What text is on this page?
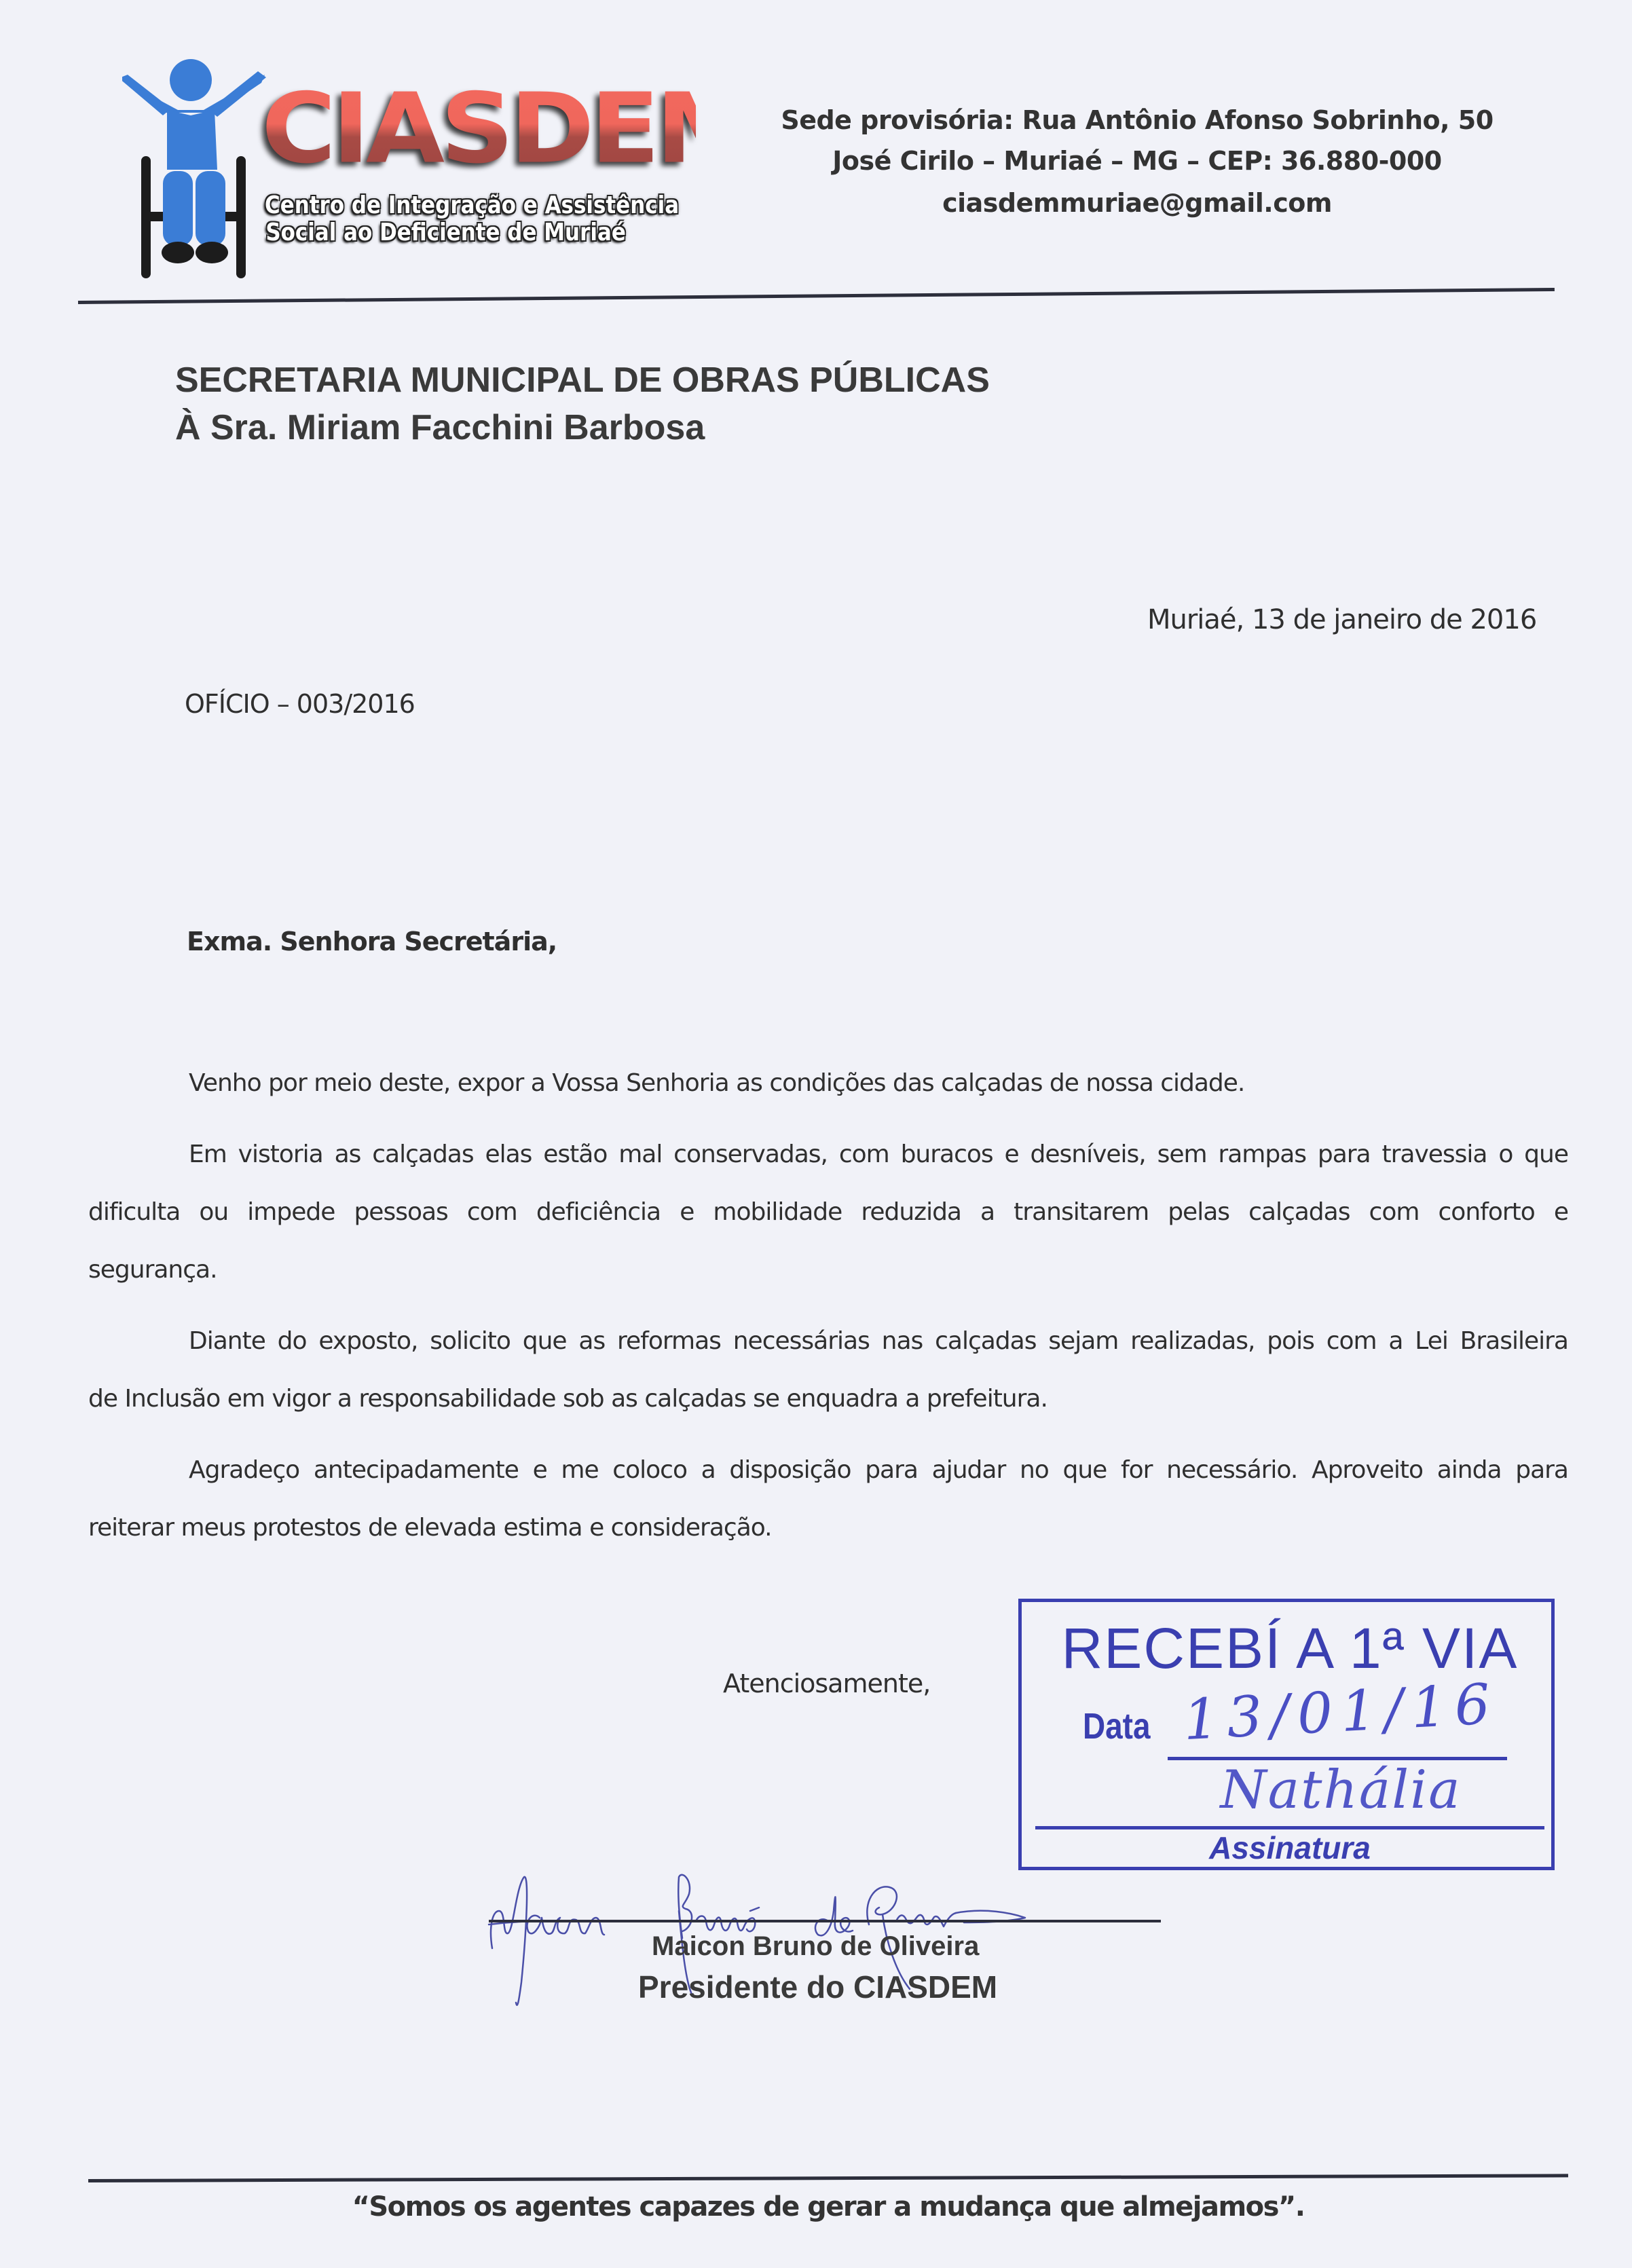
CIASDEM
Centro de Integração e Assistência
Social ao Deficiente de Muriaé
Sede provisória: Rua Antônio Afonso Sobrinho, 50
José Cirilo – Muriaé – MG – CEP: 36.880-000
ciasdemmuriae@gmail.com
SECRETARIA MUNICIPAL DE OBRAS PÚBLICAS
À Sra. Miriam Facchini Barbosa
Muriaé, 13 de janeiro de 2016
OFÍCIO – 003/2016
Exma. Senhora Secretária,
Venho por meio deste, expor a Vossa Senhoria as condições das calçadas de nossa cidade.
Em vistoria as calçadas elas estão mal conservadas, com buracos e desníveis, sem rampas para travessia o que
dificulta ou impede pessoas com deficiência e mobilidade reduzida a transitarem pelas calçadas com conforto e
segurança.
Diante do exposto, solicito que as reformas necessárias nas calçadas sejam realizadas, pois com a Lei Brasileira
de Inclusão em vigor a responsabilidade sob as calçadas se enquadra a prefeitura.
Agradeço antecipadamente e me coloco a disposição para ajudar no que for necessário. Aproveito ainda para
reiterar meus protestos de elevada estima e consideração.
Atenciosamente,
RECEBÍ A 1ª VIA
Data 13/01/16
Nathália
Assinatura
Maicon Bruno de Oliveira
Presidente do CIASDEM
“Somos os agentes capazes de gerar a mudança que almejamos”.
